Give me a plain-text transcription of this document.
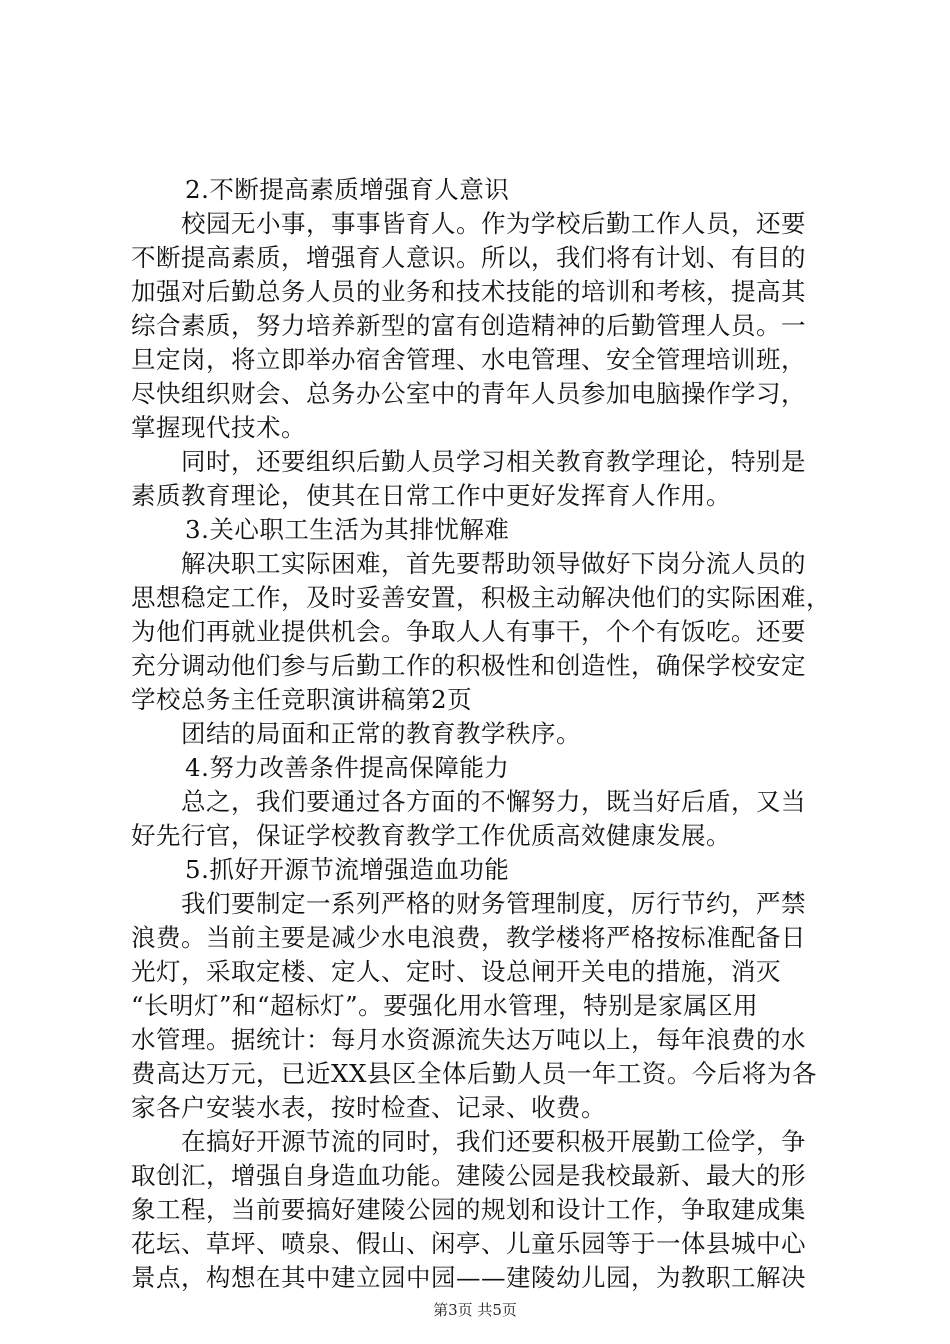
2.不断提高素质增强育人意识
校园无小事，事事皆育人。作为学校后勤工作人员，还要
不断提高素质，增强育人意识。所以，我们将有计划、有目的
加强对后勤总务人员的业务和技术技能的培训和考核，提高其
综合素质，努力培养新型的富有创造精神的后勤管理人员。一
旦定岗，将立即举办宿舍管理、水电管理、安全管理培训班，
尽快组织财会、总务办公室中的青年人员参加电脑操作学习，
掌握现代技术。
同时，还要组织后勤人员学习相关教育教学理论，特别是
素质教育理论，使其在日常工作中更好发挥育人作用。
3.关心职工生活为其排忧解难
解决职工实际困难，首先要帮助领导做好下岗分流人员的
思想稳定工作，及时妥善安置，积极主动解决他们的实际困难，
为他们再就业提供机会。争取人人有事干，个个有饭吃。还要
充分调动他们参与后勤工作的积极性和创造性，确保学校安定
学校总务主任竞职演讲稿第2页
团结的局面和正常的教育教学秩序。
4.努力改善条件提高保障能力
总之，我们要通过各方面的不懈努力，既当好后盾，又当
好先行官，保证学校教育教学工作优质高效健康发展。
5.抓好开源节流增强造血功能
我们要制定一系列严格的财务管理制度，厉行节约，严禁
浪费。当前主要是减少水电浪费，教学楼将严格按标准配备日
光灯，采取定楼、定人、定时、设总闸开关电的措施，消灭
“长明灯”和“超标灯”。要强化用水管理，特别是家属区用
水管理。据统计：每月水资源流失达万吨以上，每年浪费的水
费高达万元，已近XX县区全体后勤人员一年工资。今后将为各
家各户安装水表，按时检查、记录、收费。
在搞好开源节流的同时，我们还要积极开展勤工俭学，争
取创汇，增强自身造血功能。建陵公园是我校最新、最大的形
象工程，当前要搞好建陵公园的规划和设计工作，争取建成集
花坛、草坪、喷泉、假山、闲亭、儿童乐园等于一体县城中心
景点，构想在其中建立园中园——建陵幼儿园，为教职工解决
第3页 共5页
